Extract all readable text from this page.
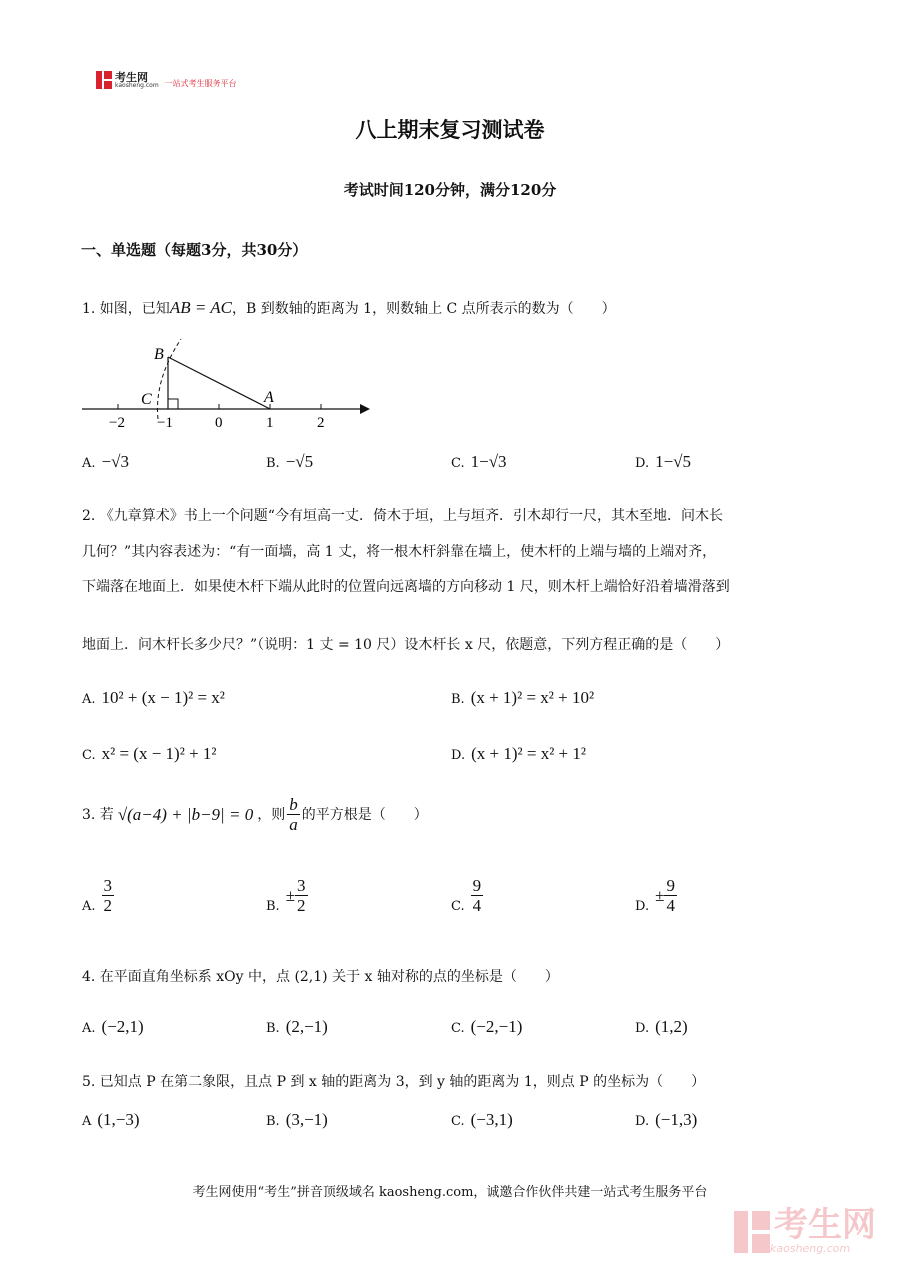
考生网
kaosheng.com 一站式考生服务平台
八上期末复习测试卷
考试时间120分钟，满分120分
一、单选题（每题3分，共30分）
1. 如图，已知AB = AC，B 到数轴的距离为 1，则数轴上 C 点所表示的数为（　　）
B
C	A
−2 −1	0	1	2
A. −√3	B. −√5	C. 1−√3	D. 1−√5
2. 《九章算术》书上一个问题“今有垣高一丈．倚木于垣，上与垣齐．引木却行一尺，其木至地．问木长
几何？”其内容表述为：“有一面墙，高 1 丈，将一根木杆斜靠在墙上，使木杆的上端与墙的上端对齐，
下端落在地面上．如果使木杆下端从此时的位置向远离墙的方向移动 1 尺，则木杆上端恰好沿着墙滑落到
地面上．问木杆长多少尺？”（说明：1 丈 = 10 尺）设木杆长 x 尺，依题意，下列方程正确的是（　　）
A. 10² + (x − 1)² = x²	B. (x + 1)² = x² + 10²
C. x² = (x − 1)² + 1²	D. (x + 1)² = x² + 1²
3. 若 √(a−4) + |b−9| = 0 ，则 $\frac{b}{a}$ 的平方根是（　　）
A. $\frac{3}{2}$	B.
± $\frac{3}{2}$	C. $\frac{9}{4}$	D.
± $\frac{9}{4}$
4. 在平面直角坐标系 xOy 中，点 (2,1) 关于 x 轴对称的点的坐标是（　　）
A. (−2,1)	B. (2,−1)	C. (−2,−1)	D. (1,2)
5. 已知点 P 在第二象限，且点 P 到 x 轴的距离为 3，到 y 轴的距离为 1，则点 P 的坐标为（　　）
A (1,−3)	B. (3,−1)	C. (−3,1)	D. (−1,3)
考生网使用“考生”拼音顶级域名 kaosheng.com，诚邀合作伙伴共建一站式考生服务平台
考生网
kaosheng.com
